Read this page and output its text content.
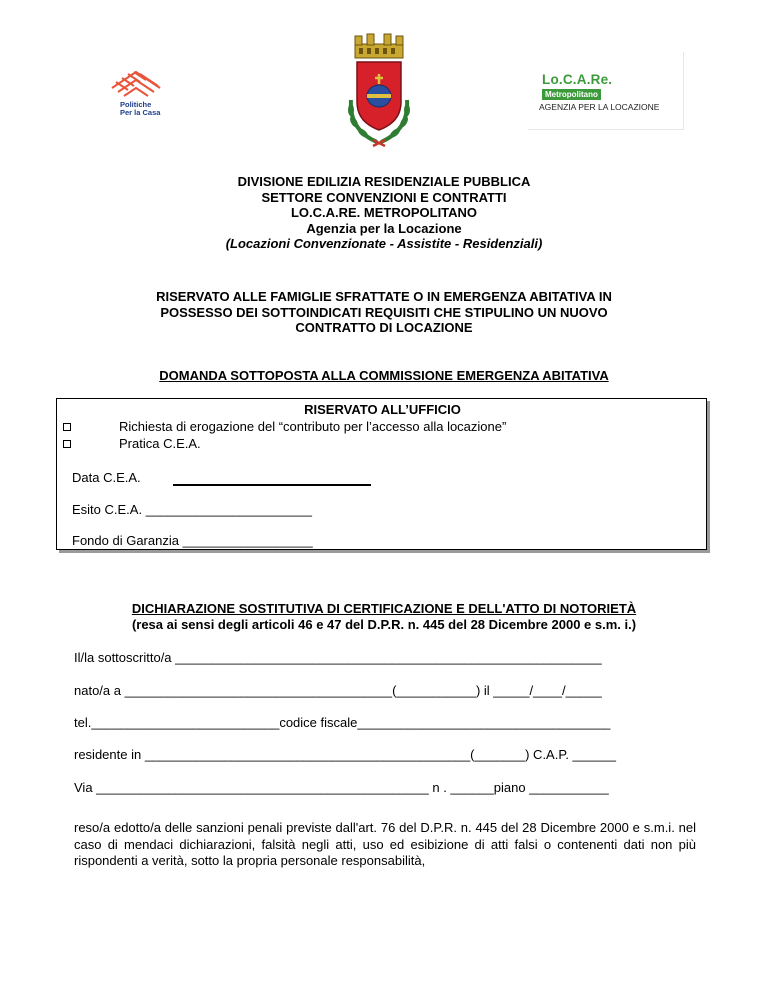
Politiche
Per la Casa
Lo.C.A.Re.
Metropolitano
AGENZIA PER LA LOCAZIONE
DIVISIONE EDILIZIA RESIDENZIALE PUBBLICA
SETTORE CONVENZIONI E CONTRATTI
LO.C.A.RE. METROPOLITANO
Agenzia per la Locazione
(Locazioni Convenzionate - Assistite - Residenziali)
RISERVATO ALLE FAMIGLIE SFRATTATE O IN EMERGENZA ABITATIVA IN
POSSESSO DEI SOTTOINDICATI REQUISITI CHE STIPULINO UN NUOVO
CONTRATTO DI LOCAZIONE
DOMANDA SOTTOPOSTA ALLA COMMISSIONE EMERGENZA ABITATIVA
RISERVATO ALL’UFFICIO
Richiesta di erogazione del “contributo per l’accesso alla locazione”
Pratica C.E.A.
Data C.E.A.
Esito C.E.A. _______________________
Fondo di Garanzia __________________
DICHIARAZIONE SOSTITUTIVA DI CERTIFICAZIONE E DELL'ATTO DI NOTORIETÀ
(resa ai sensi degli articoli 46 e 47 del D.P.R. n. 445 del 28 Dicembre 2000 e s.m. i.)
Il/la sottoscritto/a ___________________________________________________________
nato/a a _____________________________________(___________) il _____/____/_____
tel.__________________________codice fiscale___________________________________
residente in _____________________________________________(_______) C.A.P. ______
Via ______________________________________________ n . ______piano ___________
reso/a edotto/a delle sanzioni penali previste dall'art. 76 del D.P.R. n. 445 del 28 Dicembre 2000 e s.m.i. nel caso di mendaci dichiarazioni, falsità negli atti, uso ed esibizione di atti falsi o contenenti dati non più rispondenti a verità, sotto la propria personale responsabilità,
